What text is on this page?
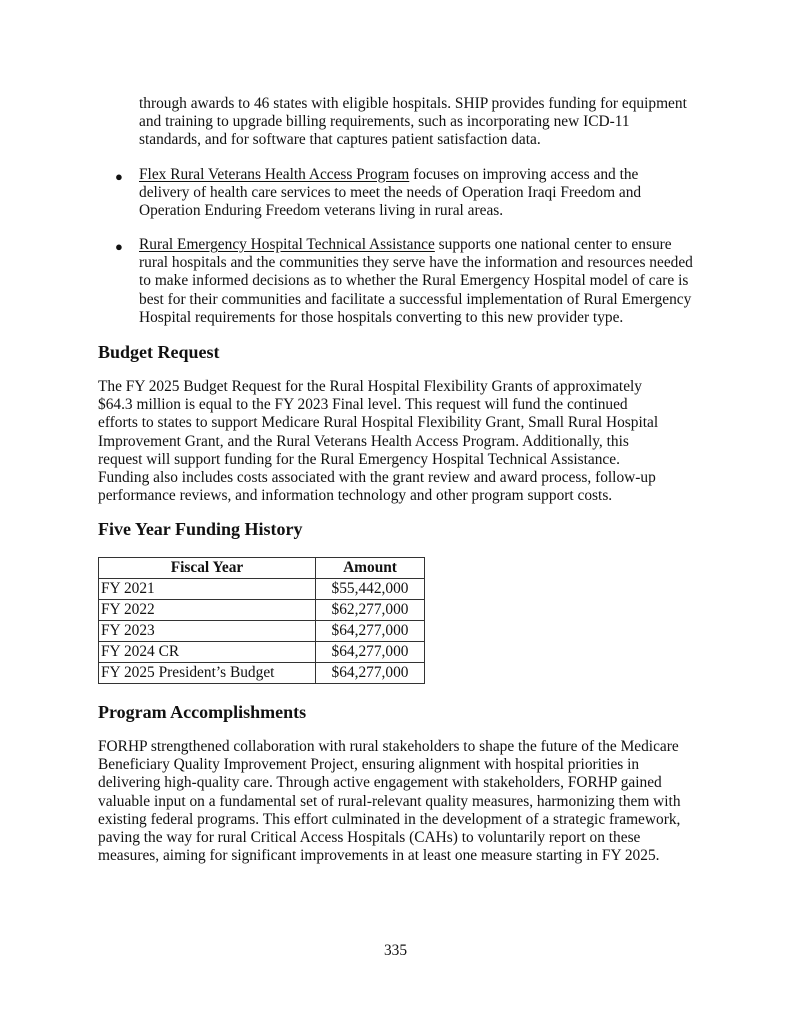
through awards to 46 states with eligible hospitals. SHIP provides funding for equipment
and training to upgrade billing requirements, such as incorporating new ICD-11
standards, and for software that captures patient satisfaction data.

● Flex Rural Veterans Health Access Program focuses on improving access and the
delivery of health care services to meet the needs of Operation Iraqi Freedom and
Operation Enduring Freedom veterans living in rural areas.

● Rural Emergency Hospital Technical Assistance supports one national center to ensure
rural hospitals and the communities they serve have the information and resources needed
to make informed decisions as to whether the Rural Emergency Hospital model of care is
best for their communities and facilitate a successful implementation of Rural Emergency
Hospital requirements for those hospitals converting to this new provider type.

Budget Request

The FY 2025 Budget Request for the Rural Hospital Flexibility Grants of approximately
$64.3 million is equal to the FY 2023 Final level. This request will fund the continued
efforts to states to support Medicare Rural Hospital Flexibility Grant, Small Rural Hospital
Improvement Grant, and the Rural Veterans Health Access Program. Additionally, this
request will support funding for the Rural Emergency Hospital Technical Assistance.
Funding also includes costs associated with the grant review and award process, follow-up
performance reviews, and information technology and other program support costs.

Five Year Funding History
Fiscal Year	Amount
FY 2021	$55,442,000
FY 2022	$62,277,000
FY 2023	$64,277,000
FY 2024 CR	$64,277,000
FY 2025 President’s Budget	$64,277,000
Program Accomplishments

FORHP strengthened collaboration with rural stakeholders to shape the future of the Medicare
Beneficiary Quality Improvement Project, ensuring alignment with hospital priorities in
delivering high-quality care. Through active engagement with stakeholders, FORHP gained
valuable input on a fundamental set of rural-relevant quality measures, harmonizing them with
existing federal programs. This effort culminated in the development of a strategic framework,
paving the way for rural Critical Access Hospitals (CAHs) to voluntarily report on these
measures, aiming for significant improvements in at least one measure starting in FY 2025.

335
